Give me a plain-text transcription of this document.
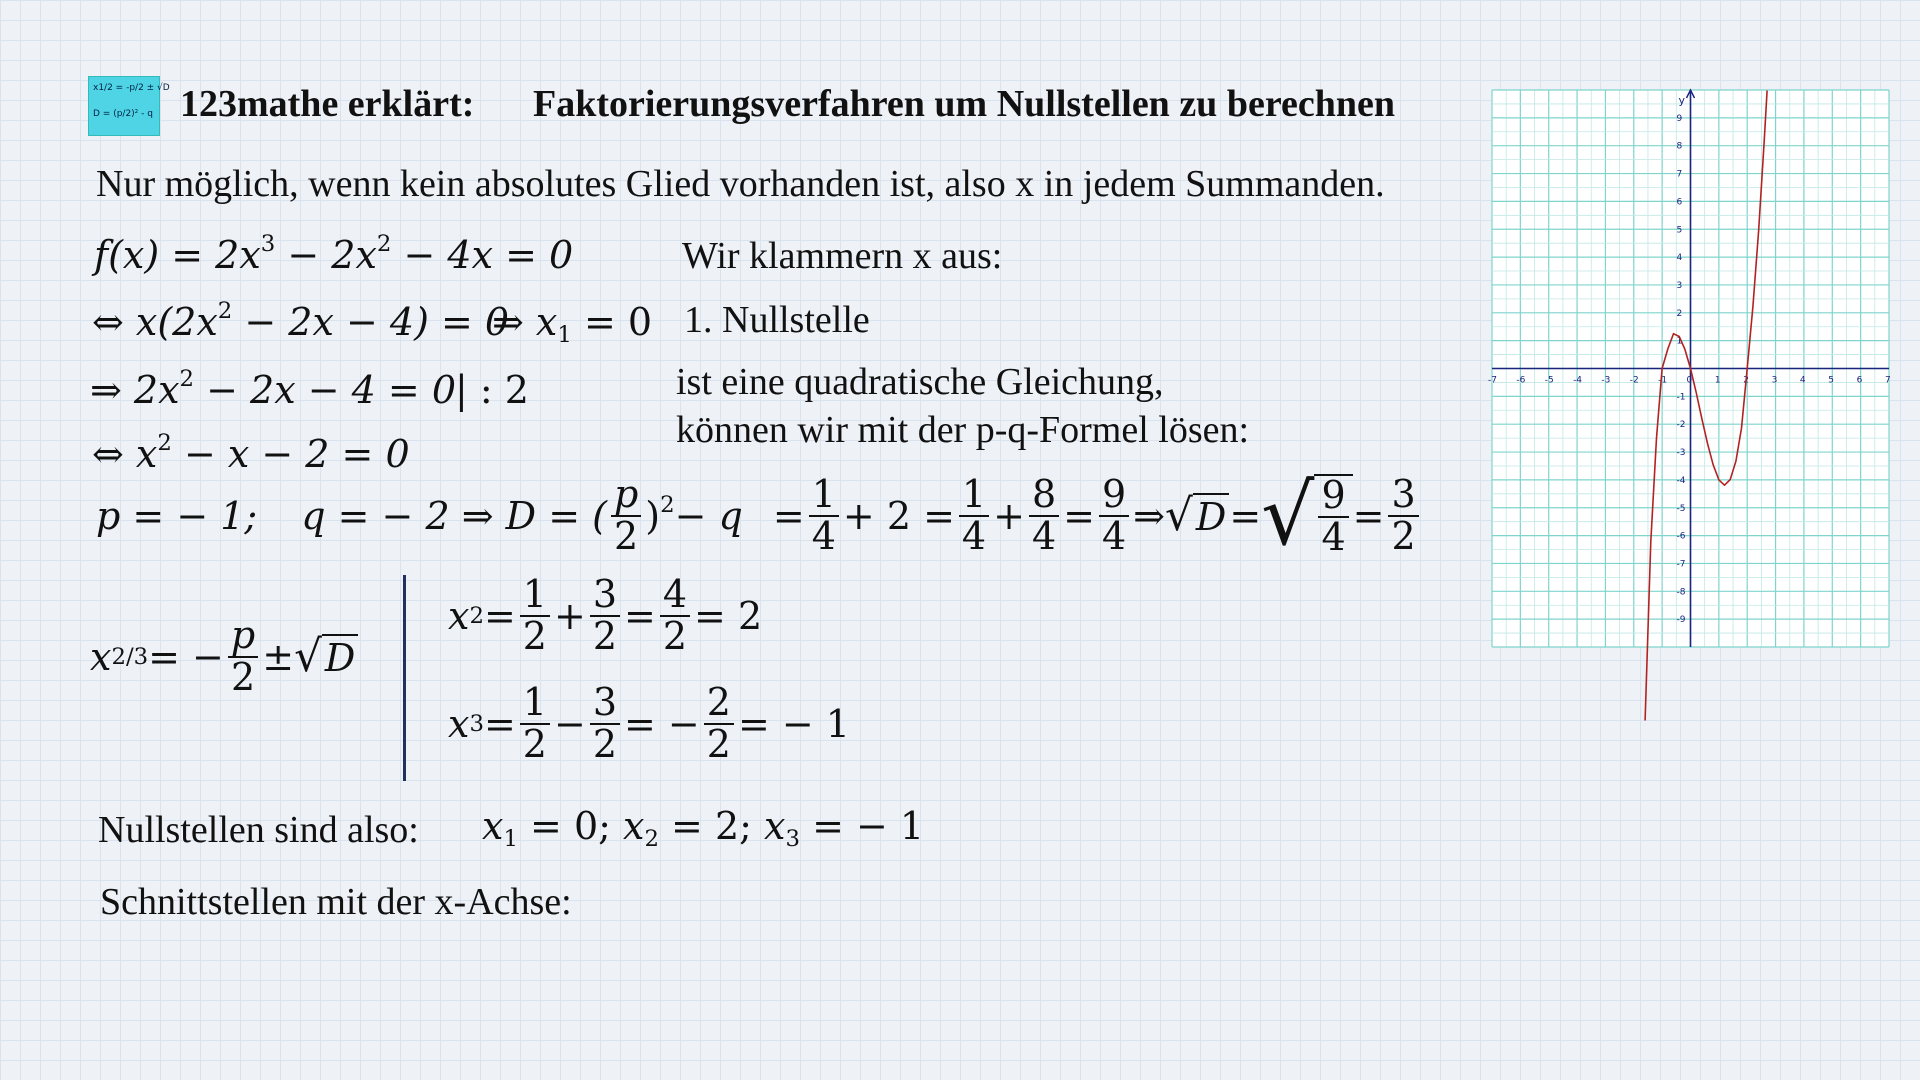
x1/2 = -p/2 ± √D
D = (p/2)² - q 123mathe erklärt: Faktorierungsverfahren um Nullstellen zu berechnen
Nur möglich, wenn kein absolutes Glied vorhanden ist, also x in jedem Summanden.
$f(x) = 2x^3 - 2x^2 - 4x = 0$	Wir klammern x aus:
⇔ $x(2x^2 - 2x - 4) = 0$
⇒ $x_1 = 0$ 1. Nullstelle
⇒ $2x^2 - 2x - 4 = 0$
| : 2	ist eine quadratische Gleichung,
können wir mit der p-q-Formel lösen:
⇔ $x^2 - x - 2 = 0$
p = − 1; q = − 2 ⇒ D = ( $\frac{p}{2} )^2 - q = \frac{1}{4} + 2 = \frac{1}{4} + \frac{8}{4} = \frac{9}{4}$ ⇒ √ D = √ $\frac{9}{4} = \frac{3}{2}$
x 2/3 = − $\frac{p}{2}$ ± √ D
x $2 = \frac{1}{2} + \frac{3}{2} = \frac{4}{2} = 2$
x $3 = \frac{1}{2} - \frac{3}{2}$ = − $\frac{2}{2}$ = − 1
Nullstellen sind also: $x_1 = 0$; $x_2 = 2$; $x_3$ = − 1
Schnittstellen mit der x-Achse:
y
-7 -6 -5 -4 -3 -2 -1 0	1	2	3	4	5	6	7
-9
-8
-7
-6
-5
-4
-3
-2
-1
1
2
3
4
5
6
7
8
9
